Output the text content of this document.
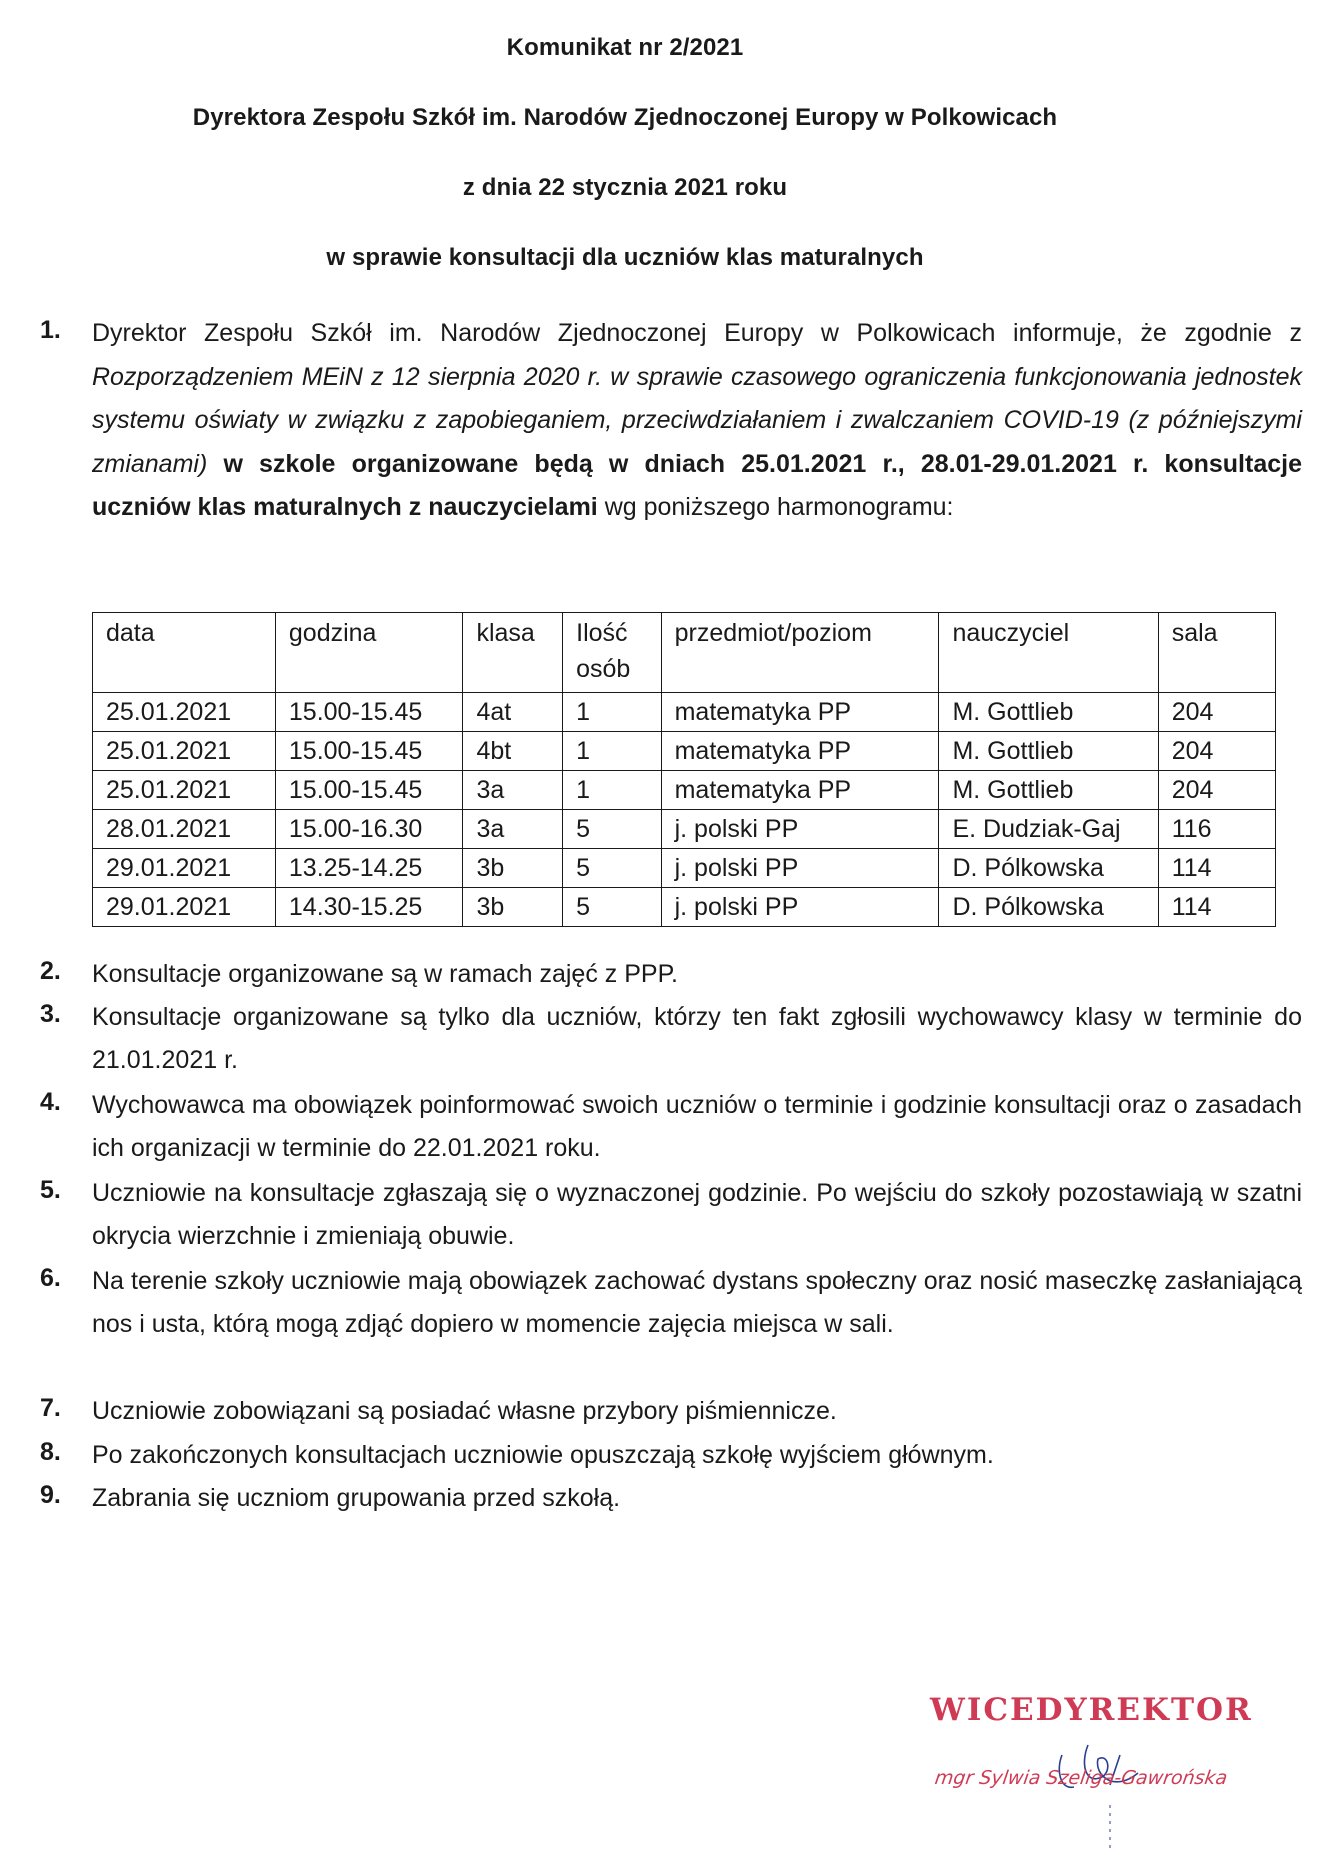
Komunikat nr 2/2021
Dyrektora Zespołu Szkół im. Narodów Zjednoczonej Europy w Polkowicach
z dnia 22 stycznia 2021 roku
w sprawie konsultacji dla uczniów klas maturalnych
1. Dyrektor Zespołu Szkół im. Narodów Zjednoczonej Europy w Polkowicach informuje, że zgodnie z Rozporządzeniem MEiN z 12 sierpnia 2020 r. w sprawie czasowego ograniczenia funkcjonowania jednostek systemu oświaty w związku z zapobieganiem, przeciwdziałaniem i zwalczaniem COVID-19 (z późniejszymi zmianami) w szkole organizowane będą w dniach 25.01.2021 r., 28.01-29.01.2021 r. konsultacje uczniów klas maturalnych z nauczycielami wg poniższego harmonogramu:
data	godzina	klasa	Ilość osób	przedmiot/poziom	nauczyciel	sala
25.01.2021	15.00-15.45	4at	1	matematyka PP	M. Gottlieb	204
25.01.2021	15.00-15.45	4bt	1	matematyka PP	M. Gottlieb	204
25.01.2021	15.00-15.45	3a	1	matematyka PP	M. Gottlieb	204
28.01.2021	15.00-16.30	3a	5	j. polski PP	E. Dudziak-Gaj	116
29.01.2021	13.25-14.25	3b	5	j. polski PP	D. Pólkowska	114
29.01.2021	14.30-15.25	3b	5	j. polski PP	D. Pólkowska	114
2. Konsultacje organizowane są w ramach zajęć z PPP.
3. Konsultacje organizowane są tylko dla uczniów, którzy ten fakt zgłosili wychowawcy klasy w terminie do 21.01.2021 r.
4. Wychowawca ma obowiązek poinformować swoich uczniów o terminie i godzinie konsultacji oraz o zasadach ich organizacji w terminie do 22.01.2021 roku.
5. Uczniowie na konsultacje zgłaszają się o wyznaczonej godzinie. Po wejściu do szkoły pozostawiają w szatni okrycia wierzchnie i zmieniają obuwie.
6. Na terenie szkoły uczniowie mają obowiązek zachować dystans społeczny oraz nosić maseczkę zasłaniającą nos i usta, którą mogą zdjąć dopiero w momencie zajęcia miejsca w sali.
7. Uczniowie zobowiązani są posiadać własne przybory piśmiennicze.
8. Po zakończonych konsultacjach uczniowie opuszczają szkołę wyjściem głównym.
9. Zabrania się uczniom grupowania przed szkołą.
WICEDYREKTOR
mgr Sylwia Szeliga-Gawrońska
